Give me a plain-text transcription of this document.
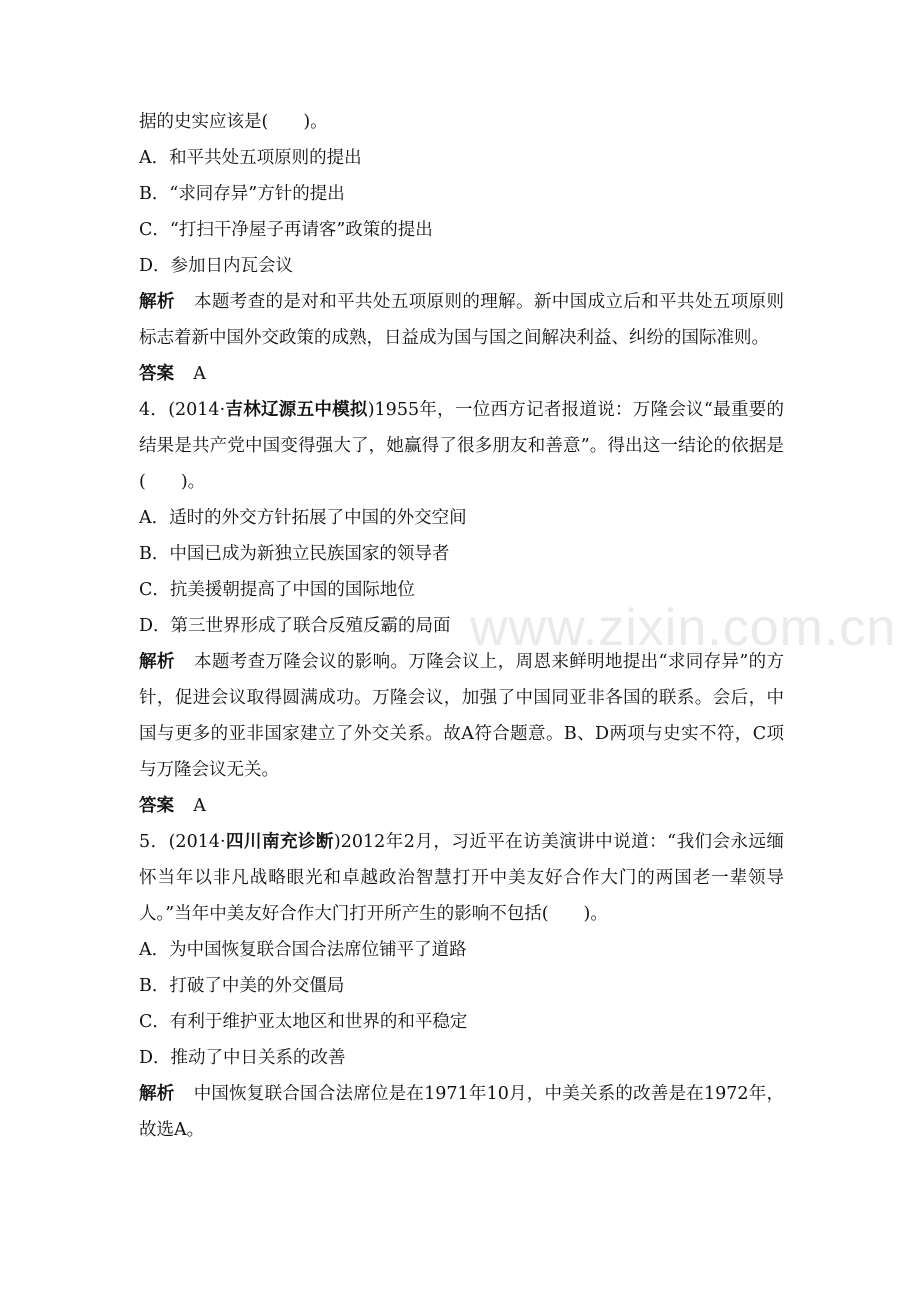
www.zixin.com.cn
据的史实应该是(　　)。
A．和平共处五项原则的提出
B．“求同存异”方针的提出
C．“打扫干净屋子再请客”政策的提出
D．参加日内瓦会议
解析 本题考查的是对和平共处五项原则的理解。新中国成立后和平共处五项原则标志着新中国外交政策的成熟，日益成为国与国之间解决利益、纠纷的国际准则。
答案 A
4．(2014·吉林辽源五中模拟)1955年，一位西方记者报道说：万隆会议“最重要的结果是共产党中国变得强大了，她赢得了很多朋友和善意”。得出这一结论的依据是(　　)。
A．适时的外交方针拓展了中国的外交空间
B．中国已成为新独立民族国家的领导者
C．抗美援朝提高了中国的国际地位
D．第三世界形成了联合反殖反霸的局面
解析 本题考查万隆会议的影响。万隆会议上，周恩来鲜明地提出“求同存异”的方针，促进会议取得圆满成功。万隆会议，加强了中国同亚非各国的联系。会后，中国与更多的亚非国家建立了外交关系。故A符合题意。B、D两项与史实不符，C项与万隆会议无关。
答案 A
5．(2014·四川南充诊断)2012年2月，习近平在访美演讲中说道：“我们会永远缅怀当年以非凡战略眼光和卓越政治智慧打开中美友好合作大门的两国老一辈领导人。”当年中美友好合作大门打开所产生的影响不包括(　　)。
A．为中国恢复联合国合法席位铺平了道路
B．打破了中美的外交僵局
C．有利于维护亚太地区和世界的和平稳定
D．推动了中日关系的改善
解析 中国恢复联合国合法席位是在1971年10月，中美关系的改善是在1972年，故选A。
